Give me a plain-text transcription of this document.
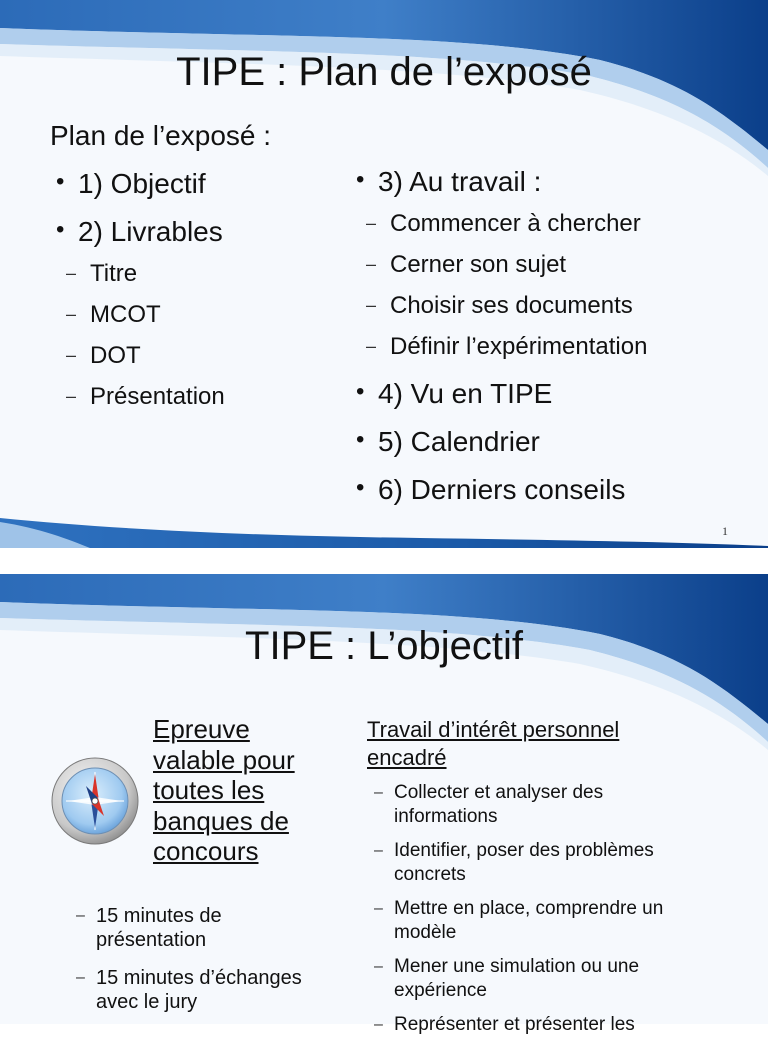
TIPE : Plan de l’exposé
Plan de l’exposé :
• 1) Objectif
• 2) Livrables
– Titre
– MCOT
– DOT
– Présentation
• 3) Au travail :
– Commencer à chercher
– Cerner son sujet
– Choisir ses documents
– Définir l’expérimentation
• 4) Vu en TIPE
• 5) Calendrier
• 6) Derniers conseils
1
TIPE : L’objectif
Epreuve
valable pour
toutes les
banques de
concours
– 15 minutes de
présentation
– 15 minutes d’échanges
avec le jury
Travail d’intérêt personnel
encadré
– Collecter et analyser des
informations
– Identifier, poser des problèmes
concrets
– Mettre en place, comprendre un
modèle
– Mener une simulation ou une
expérience
– Représenter et présenter les
